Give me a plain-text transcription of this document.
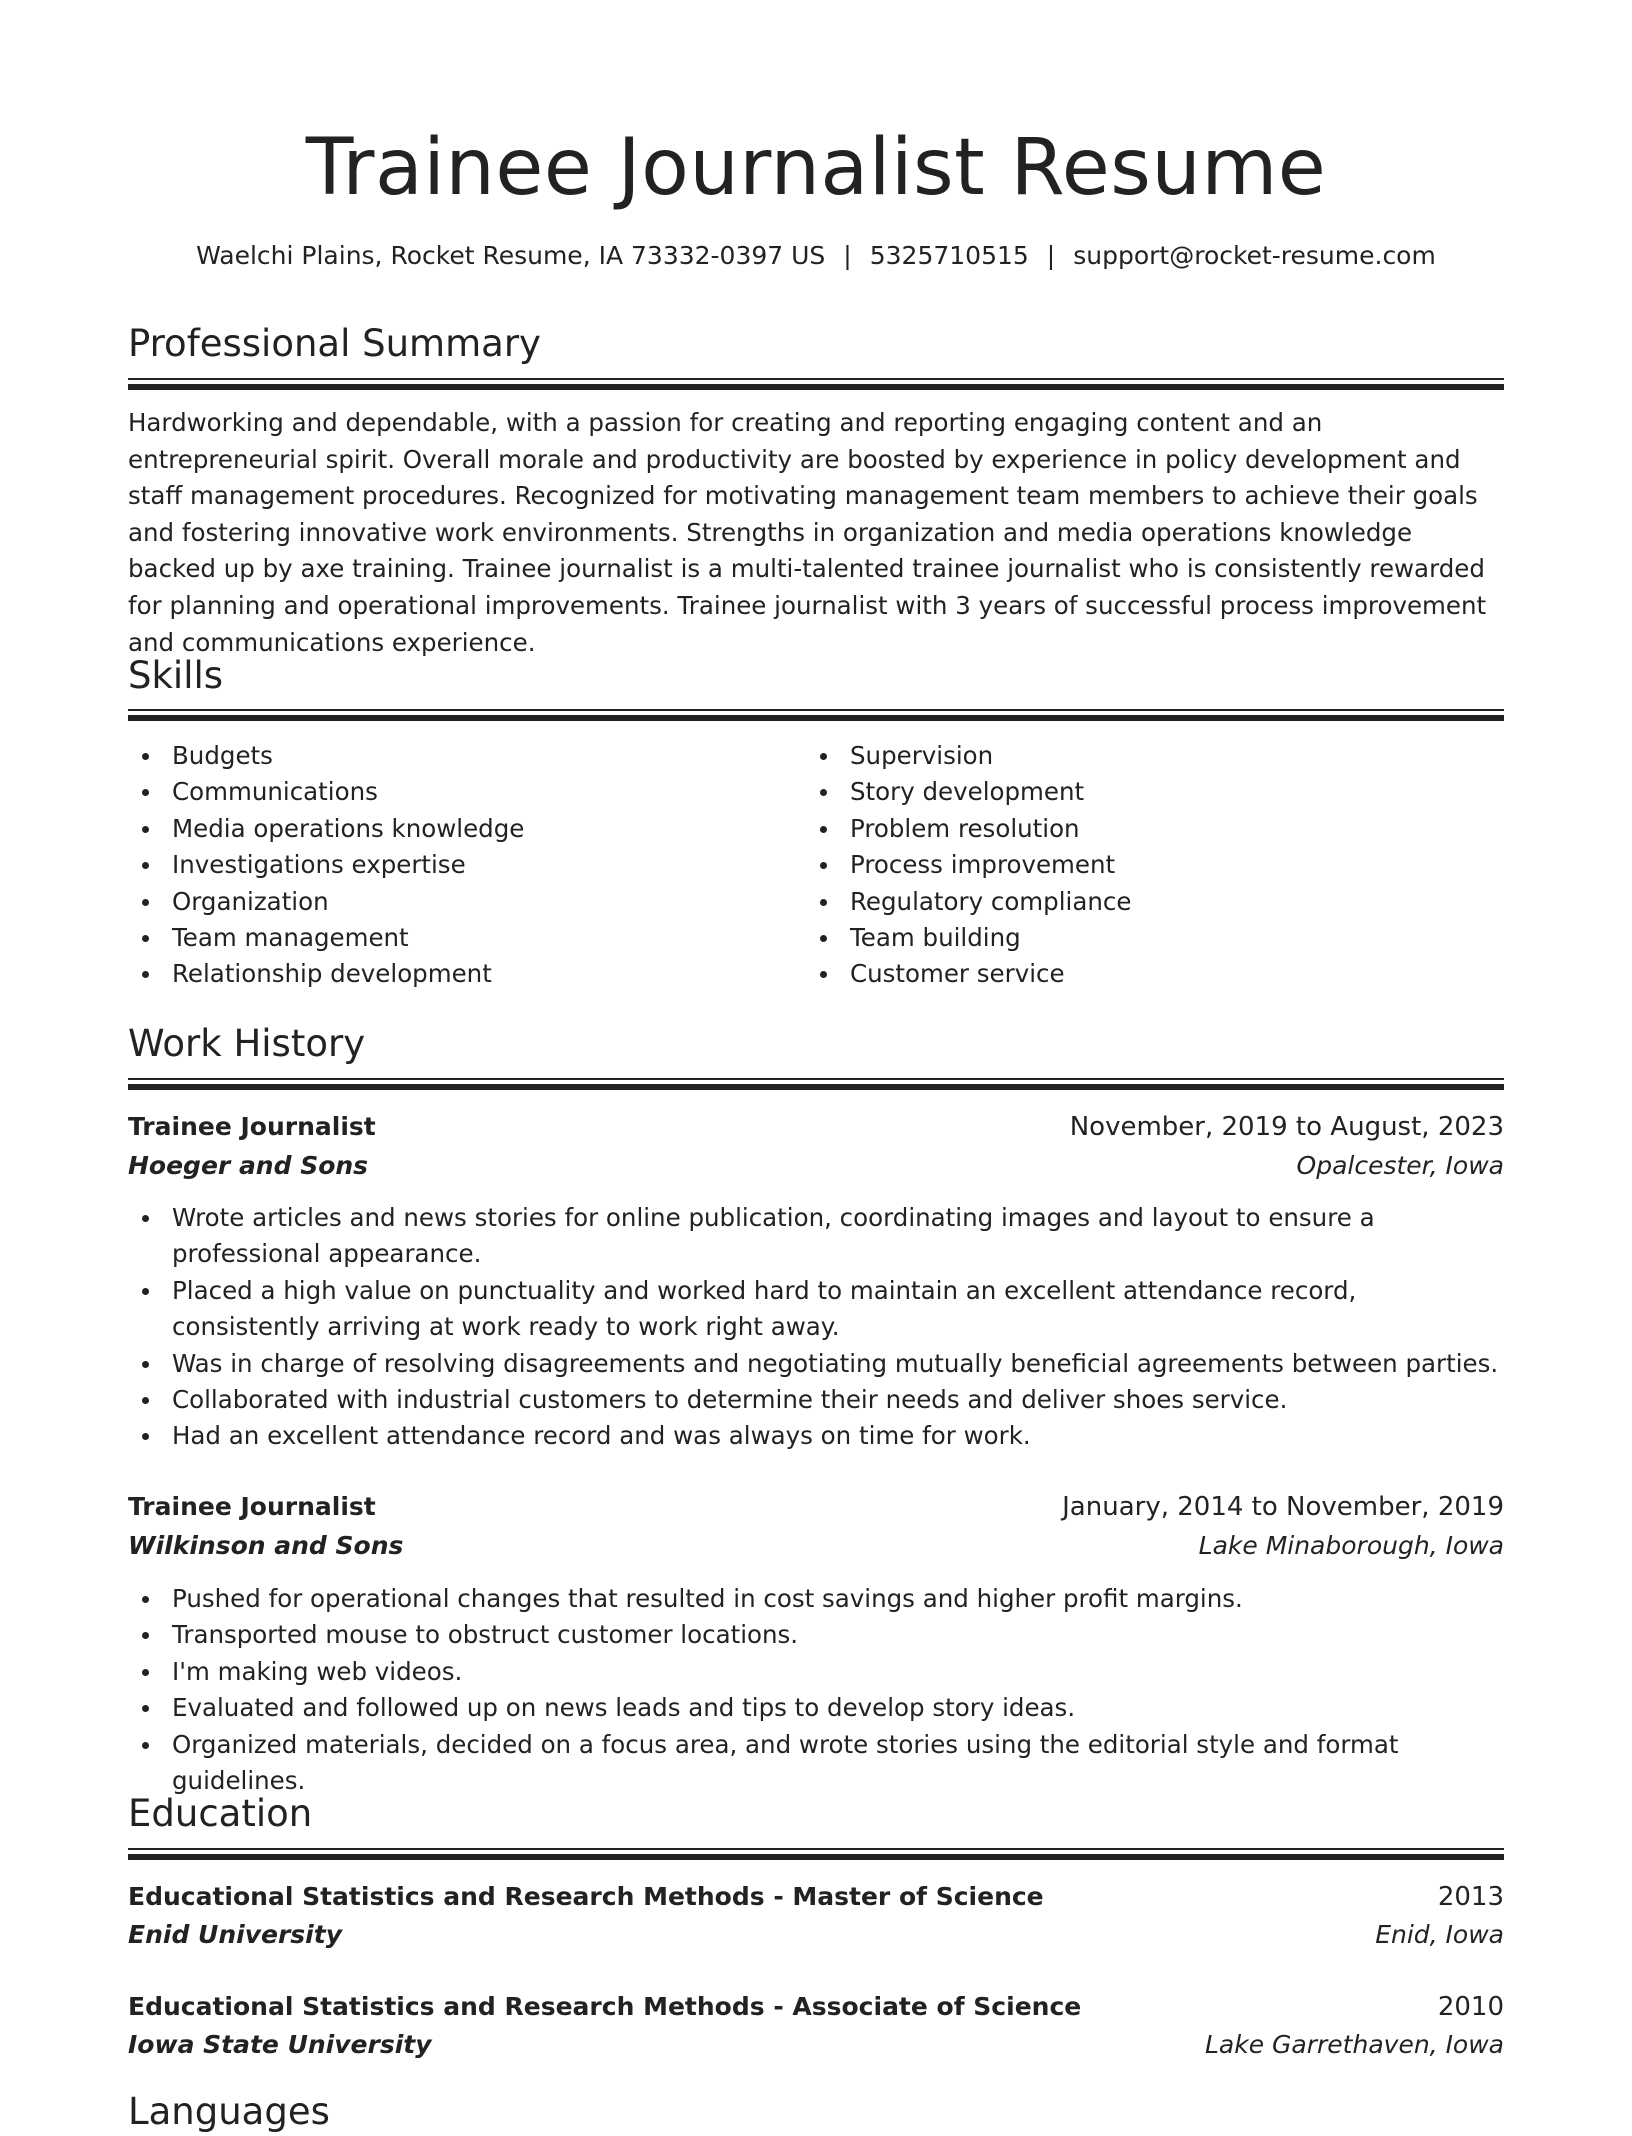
Trainee Journalist Resume
Waelchi Plains, Rocket Resume, IA 73332-0397 US | 5325710515 | support@rocket-resume.com
Professional Summary

Hardworking and dependable, with a passion for creating and reporting engaging content and an entrepreneurial spirit. Overall morale and productivity are boosted by experience in policy development and staff management procedures. Recognized for motivating management team members to achieve their goals and fostering innovative work environments. Strengths in organization and media operations knowledge backed up by axe training. Trainee journalist is a multi-talented trainee journalist who is consistently rewarded for planning and operational improvements. Trainee journalist with 3 years of successful process improvement and communications experience.

Skills
Budgets
Communications
Media operations knowledge
Investigations expertise
Organization
Team management
Relationship development
Supervision
Story development
Problem resolution
Process improvement
Regulatory compliance
Team building
Customer service
Work History
Trainee Journalist	November, 2019 to August, 2023
Hoeger and Sons	Opalcester, Iowa
Wrote articles and news stories for online publication, coordinating images and layout to ensure a professional appearance.
Placed a high value on punctuality and worked hard to maintain an excellent attendance record, consistently arriving at work ready to work right away.
Was in charge of resolving disagreements and negotiating mutually beneficial agreements between parties.
Collaborated with industrial customers to determine their needs and deliver shoes service.
Had an excellent attendance record and was always on time for work.
Trainee Journalist	January, 2014 to November, 2019
Wilkinson and Sons	Lake Minaborough, Iowa
Pushed for operational changes that resulted in cost savings and higher profit margins.
Transported mouse to obstruct customer locations.
I'm making web videos.
Evaluated and followed up on news leads and tips to develop story ideas.
Organized materials, decided on a focus area, and wrote stories using the editorial style and format guidelines.
Education
Educational Statistics and Research Methods - Master of Science	2013
Enid University	Enid, Iowa
Educational Statistics and Research Methods - Associate of Science	2010
Iowa State University	Lake Garrethaven, Iowa
Languages
